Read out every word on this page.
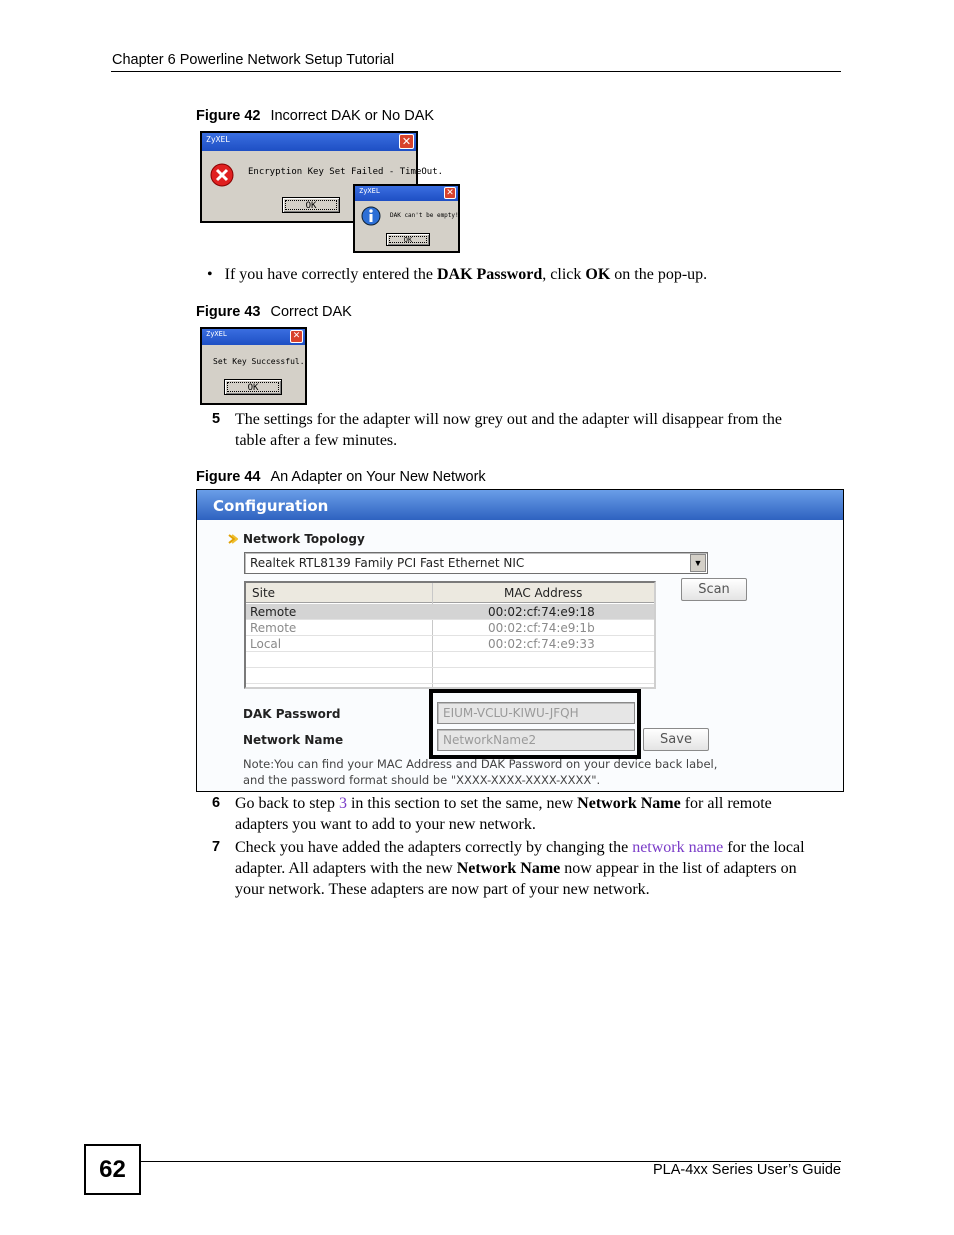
Chapter 6 Powerline Network Setup Tutorial
Figure 42 Incorrect DAK or No DAK
ZyXEL	✕
Encryption Key Set Failed - TimeOut.
OK
ZyXEL	✕
DAK can't be empty!
OK
• If you have correctly entered the DAK Password, click OK on the pop-up.
Figure 43 Correct DAK
ZyXEL	✕
Set Key Successful.
OK
5 The settings for the adapter will now grey out and the adapter will disappear from the
table after a few minutes.
Figure 44 An Adapter on Your New Network
Configuration
Network Topology
Realtek RTL8139 Family PCI Fast Ethernet NIC	▼
Site	MAC Address
Remote	00:02:cf:74:e9:18
Remote	00:02:cf:74:e9:1b
Local	00:02:cf:74:e9:33
Scan
DAK Password	EIUM-VCLU-KIWU-JFQH
Network Name	NetworkName2	Save
Note:You can find your MAC Address and DAK Password on your device back label,
and the password format should be "XXXX-XXXX-XXXX-XXXX".
6 Go back to step 3 in this section to set the same, new Network Name for all remote
adapters you want to add to your new network.
7 Check you have added the adapters correctly by changing the network name for the local
adapter. All adapters with the new Network Name now appear in the list of adapters on
your network. These adapters are now part of your new network.
62	PLA-4xx Series User’s Guide
